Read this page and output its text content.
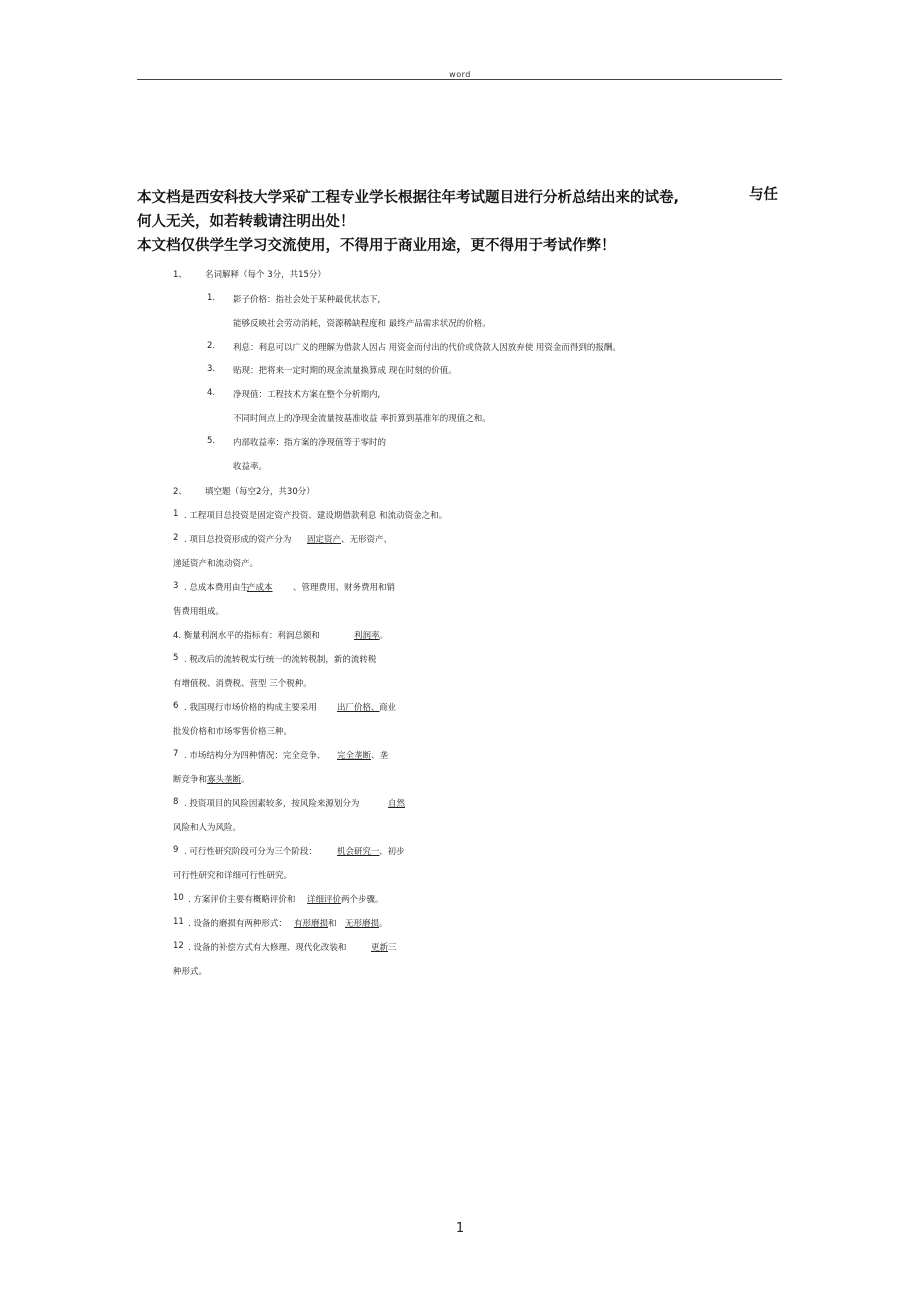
word
本文档是西安科技大学采矿工程专业学长根据往年考试题目进行分析总结出来的试卷,	与任
何人无关，如若转载请注明出处！
本文档仅供学生学习交流使用，不得用于商业用途，更不得用于考试作弊！
1、 名词解释（每个 3分，共15分）
1. 影子价格：指社会处于某种最优状态下,
能够反映社会劳动消耗，资源稀缺程度和 最终产品需求状况的价格。
2. 利息：利息可以广义的理解为借款人因占 用资金而付出的代价或贷款人因放弃使 用资金而得到的报酬。
3. 贴现：把将来一定时期的现金流量换算成 现在时刻的价值。
4. 净现值：工程技术方案在整个分析期内,
不同时间点上的净现金流量按基准收益 率折算到基准年的现值之和。
5. 内部收益率：指方案的净现值等于零时的
收益率。
2、 填空题（每空2分，共30分）
1 . 工程项目总投资是固定资产投资、建设期借款利息 和流动资金之和。
2 . 项目总投资形成的资产分为 固定资产 、无形资产、
递延资产和流动资产。
3 . 总成本费用由生
产成本 、管理费用、财务费用和销
售费用组成。
4. 衡量利润水平的指标有：利润总额和	利润率 。
5 . 税改后的流转税实行统一的流转税制，新的流转税
有增值税、消费税、营型 三个税种。
6 . 我国现行市场价格的构成主要采用 出厂价格、 商业
批发价格和市场零售价格三种。
7 . 市场结构分为四种情况：完全竞争、 完全垄断 、垄
断竞争和 寡头垄断 。
8 . 投资项目的风险因素较多，按风险来源划分为	自然
风险和人为风险。
9 . 可行性研究阶段可分为三个阶段： 机会研究一 、初步
可行性研究和详细可行性研究。
10 . 方案评价主要有概略评价和 详细评价 两个步骤。
11 . 设备的磨损有两种形式： 有形磨损 和 无形磨损 。
12 . 设备的补偿方式有大修理、现代化改装和	更新 三
种形式。
1
